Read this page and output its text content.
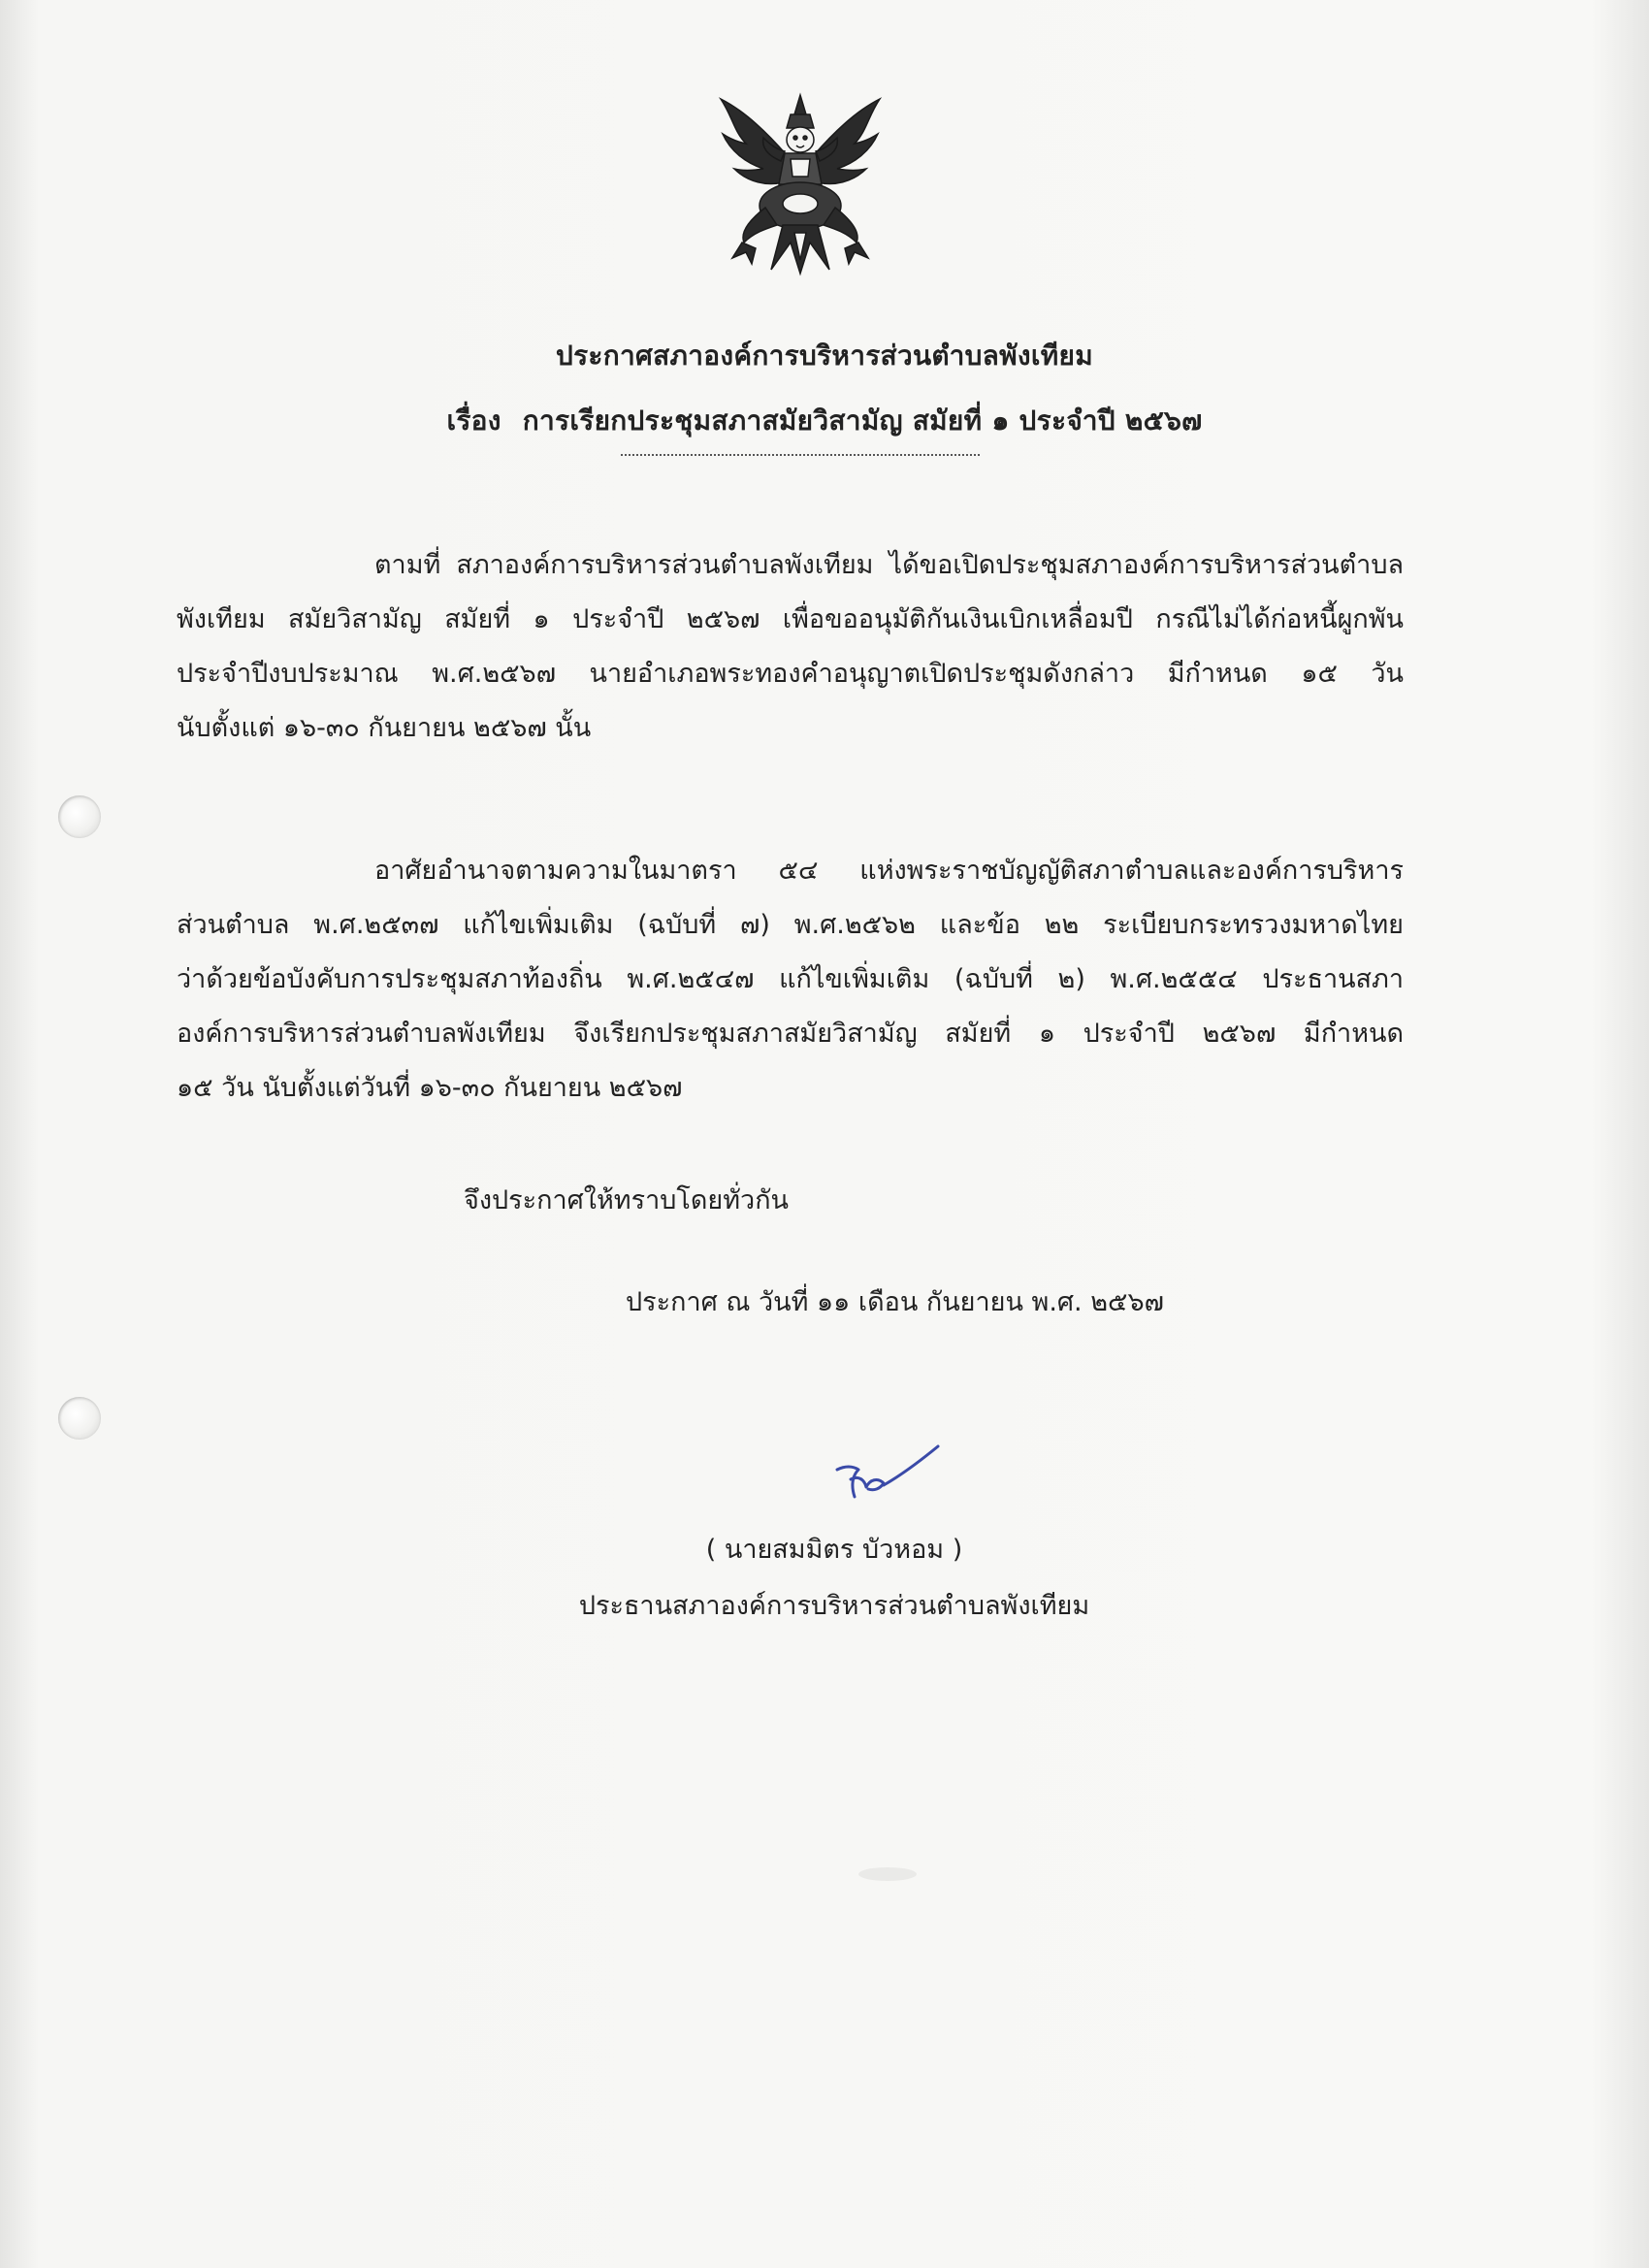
ประกาศสภาองค์การบริหารส่วนตำบลพังเทียม
เรื่อง การเรียกประชุมสภาสมัยวิสามัญ สมัยที่ ๑ ประจำปี ๒๕๖๗
ตามที่ สภาองค์การบริหารส่วนตำบลพังเทียม ได้ขอเปิดประชุมสภาองค์การบริหารส่วนตำบล
พังเทียม สมัยวิสามัญ สมัยที่ ๑ ประจำปี ๒๕๖๗ เพื่อขออนุมัติกันเงินเบิกเหลื่อมปี กรณีไม่ได้ก่อหนี้ผูกพัน
ประจำปีงบประมาณ พ.ศ.๒๕๖๗ นายอำเภอพระทองคำอนุญาตเปิดประชุมดังกล่าว มีกำหนด ๑๕ วัน
นับตั้งแต่ ๑๖-๓๐ กันยายน ๒๕๖๗ นั้น
อาศัยอำนาจตามความในมาตรา ๕๔ แห่งพระราชบัญญัติสภาตำบลและองค์การบริหาร
ส่วนตำบล พ.ศ.๒๕๓๗ แก้ไขเพิ่มเติม (ฉบับที่ ๗) พ.ศ.๒๕๖๒ และข้อ ๒๒ ระเบียบกระทรวงมหาดไทย
ว่าด้วยข้อบังคับการประชุมสภาท้องถิ่น พ.ศ.๒๕๔๗ แก้ไขเพิ่มเติม (ฉบับที่ ๒) พ.ศ.๒๕๕๔ ประธานสภา
องค์การบริหารส่วนตำบลพังเทียม จึงเรียกประชุมสภาสมัยวิสามัญ สมัยที่ ๑ ประจำปี ๒๕๖๗ มีกำหนด
๑๕ วัน นับตั้งแต่วันที่ ๑๖-๓๐ กันยายน ๒๕๖๗
จึงประกาศให้ทราบโดยทั่วกัน
ประกาศ ณ วันที่ ๑๑ เดือน กันยายน พ.ศ. ๒๕๖๗
( นายสมมิตร บัวหอม )
ประธานสภาองค์การบริหารส่วนตำบลพังเทียม
